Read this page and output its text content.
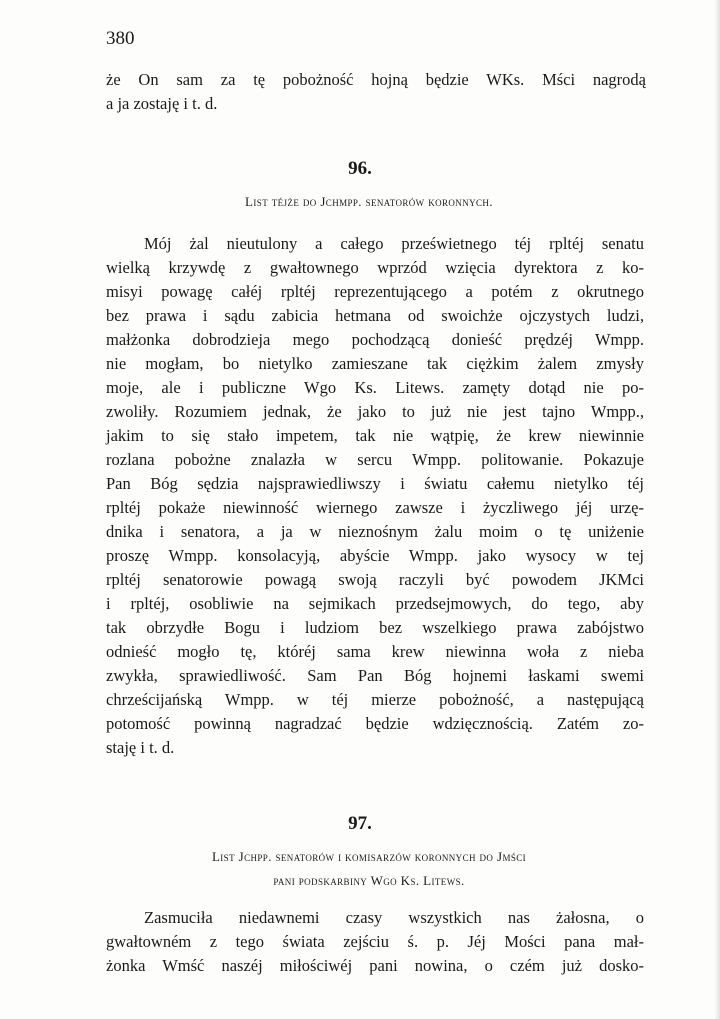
380
że On sam za tę pobożność hojną będzie WKs. Mści nagrodą
a ja zostaję i t. d.
96.
List téjże do Jchmpp. senatorów koronnych.
Mój żal nieutulony a całego prześwietnego téj rpltéj senatu
wielką krzywdę z gwałtownego wprzód wzięcia dyrektora z ko-
misyi powagę całéj rpltéj reprezentującego a potém z okrutnego
bez prawa i sądu zabicia hetmana od swoichże ojczystych ludzi,
małżonka dobrodzieja mego pochodzącą donieść prędzéj Wmpp.
nie mogłam, bo nietylko zamieszane tak ciężkim żalem zmysły
moje, ale i publiczne Wgo Ks. Litews. zamęty dotąd nie po-
zwoliły. Rozumiem jednak, że jako to już nie jest tajno Wmpp.,
jakim to się stało impetem, tak nie wątpię, że krew niewinnie
rozlana pobożne znalazła w sercu Wmpp. politowanie. Pokazuje
Pan Bóg sędzia najsprawiedliwszy i światu całemu nietylko téj
rpltéj pokaże niewinność wiernego zawsze i życzliwego jéj urzę-
dnika i senatora, a ja w nieznośnym żalu moim o tę uniżenie
proszę Wmpp. konsolacyją, abyście Wmpp. jako wysocy w tej
rpltéj senatorowie powagą swoją raczyli być powodem JKMci
i rpltéj, osobliwie na sejmikach przedsejmowych, do tego, aby
tak obrzydłe Bogu i ludziom bez wszelkiego prawa zabójstwo
odnieść mogło tę, któréj sama krew niewinna woła z nieba
zwykła, sprawiedliwość. Sam Pan Bóg hojnemi łaskami swemi
chrześcijańską Wmpp. w téj mierze pobożność, a następującą
potomość powinną nagradzać będzie wdzięcznością. Zatém zo-
staję i t. d.
97.
List Jchpp. senatorów i komisarzów koronnych do Jmści
pani podskarbiny Wgo Ks. Litews.
Zasmuciła niedawnemi czasy wszystkich nas żałosna, o
gwałtowném z tego świata zejściu ś. p. Jéj Mości pana mał-
żonka Wmść naszéj miłościwéj pani nowina, o czém już dosko-
